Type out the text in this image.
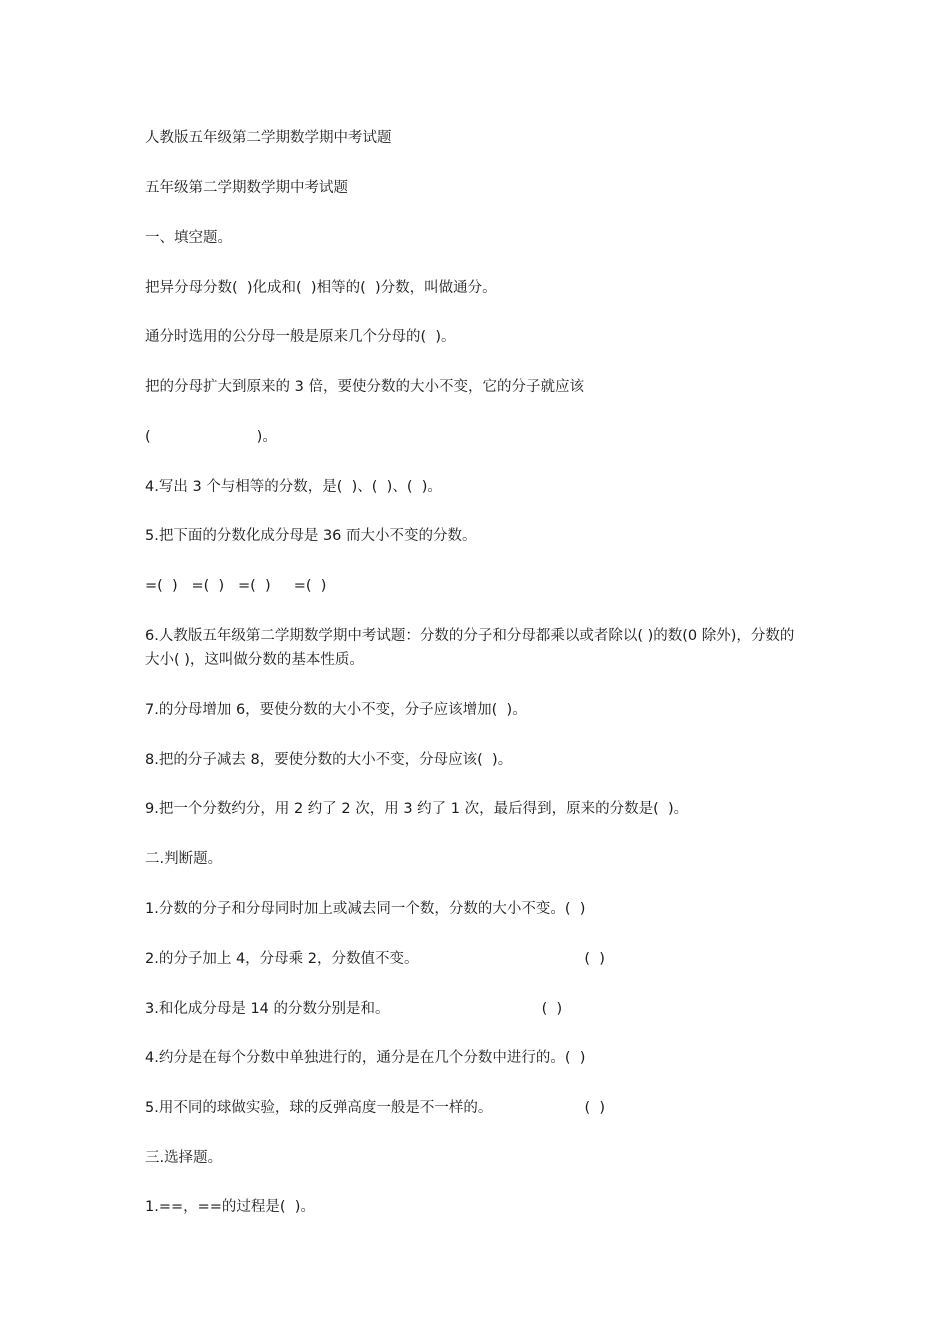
人教版五年级第二学期数学期中考试题

五年级第二学期数学期中考试题

一、填空题。

把异分母分数(  )化成和(  )相等的(  )分数，叫做通分。

通分时选用的公分母一般是原来几个分母的(  )。

把的分母扩大到原来的 3 倍，要使分数的大小不变，它的分子就应该

(                       )。

4.写出 3 个与相等的分数，是(  )、(  )、(  )。

5.把下面的分数化成分母是 36 而大小不变的分数。

=(  )   =(  )   =(  )     =(  )

6.人教版五年级第二学期数学期中考试题：分数的分子和分母都乘以或者除以( )的数(0 除外)，分数的大小( )，这叫做分数的基本性质。

7.的分母增加 6，要使分数的大小不变，分子应该增加(  )。

8.把的分子减去 8，要使分数的大小不变，分母应该(  )。

9.把一个分数约分，用 2 约了 2 次，用 3 约了 1 次，最后得到，原来的分数是(  )。

二.判断题。

1.分数的分子和分母同时加上或减去同一个数，分数的大小不变。(  )

2.的分子加上 4，分母乘 2，分数值不变。                                    (  )

3.和化成分母是 14 的分数分别是和。                                 (  )

4.约分是在每个分数中单独进行的，通分是在几个分数中进行的。(  )

5.用不同的球做实验，球的反弹高度一般是不一样的。                    (  )

三.选择题。

1.==，==的过程是(  )。
